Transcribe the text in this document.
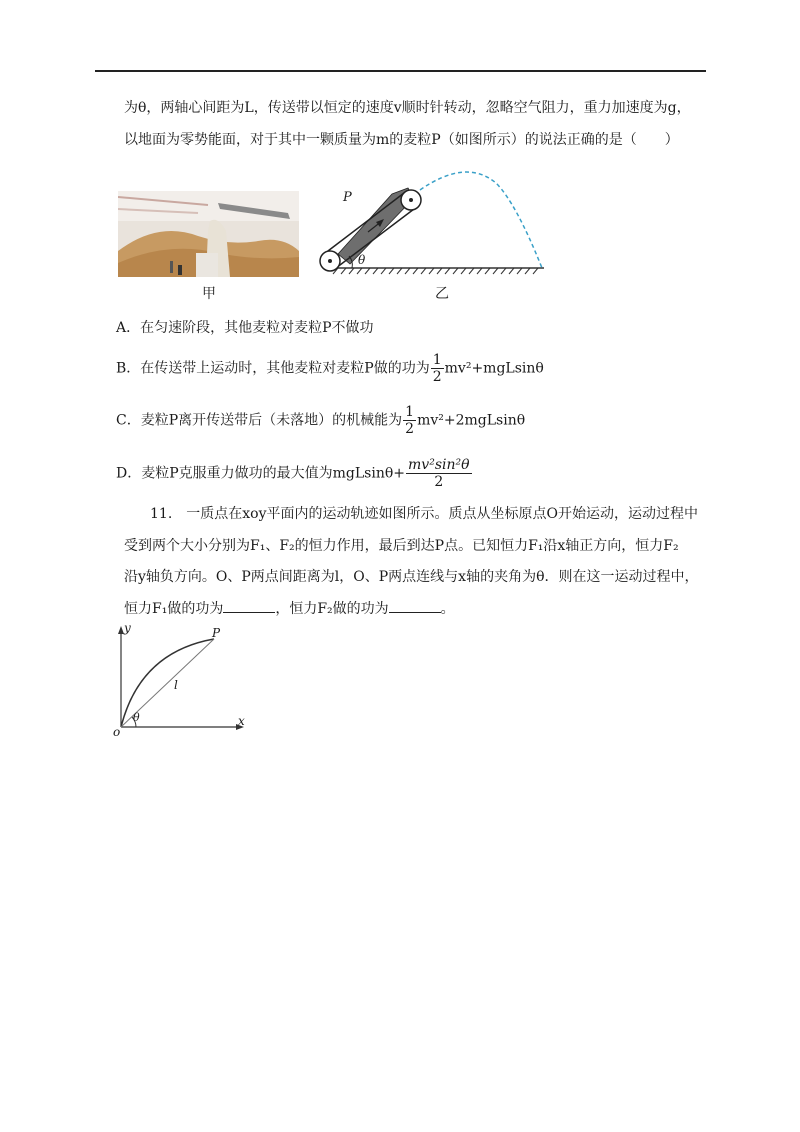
为θ，两轴心间距为L，传送带以恒定的速度v顺时针转动，忽略空气阻力，重力加速度为g，
以地面为零势能面，对于其中一颗质量为m的麦粒P（如图所示）的说法正确的是（　　）
甲
P
θ
乙
A．在匀速阶段，其他麦粒对麦粒P不做功
B．在传送带上运动时，其他麦粒对麦粒P做的功为 $\frac{1}{2} mv^2+mgLsin\theta$
C．麦粒P离开传送带后（未落地）的机械能为 $\frac{1}{2} mv^2+2mgLsin\theta$
D．麦粒P克服重力做功的最大值为$mgLsin\theta+ \frac{\text{mv²sin²θ}}{2}$
11.　一质点在xoy平面内的运动轨迹如图所示。质点从坐标原点O开始运动，运动过程中
受到两个大小分别为F₁、F₂的恒力作用，最后到达P点。已知恒力F₁沿x轴正方向，恒力F₂
沿y轴负方向。O、P两点间距离为l，O、P两点连线与x轴的夹角为θ．则在这一运动过程中，
恒力F₁做的功为	，恒力F₂做的功为	。
y
x
o
P
l
θ
